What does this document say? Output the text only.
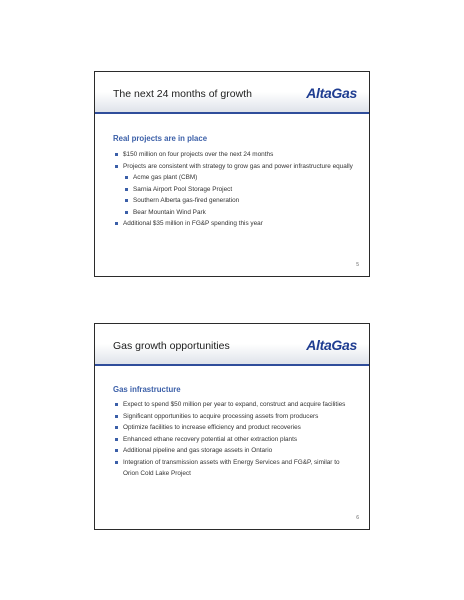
The next 24 months of growth	AltaGas
Real projects are in place
$150 million on four projects over the next 24 months
Projects are consistent with strategy to grow gas and power infrastructure equally
Acme gas plant (CBM)
Sarnia Airport Pool Storage Project
Southern Alberta gas-fired generation
Bear Mountain Wind Park
Additional $35 million in FG&P spending this year
5
Gas growth opportunities	AltaGas
Gas infrastructure
Expect to spend $50 million per year to expand, construct and acquire facilities
Significant opportunities to acquire processing assets from producers
Optimize facilities to increase efficiency and product recoveries
Enhanced ethane recovery potential at other extraction plants
Additional pipeline and gas storage assets in Ontario
Integration of transmission assets with Energy Services and FG&P, similar to Orion Cold Lake Project
6
